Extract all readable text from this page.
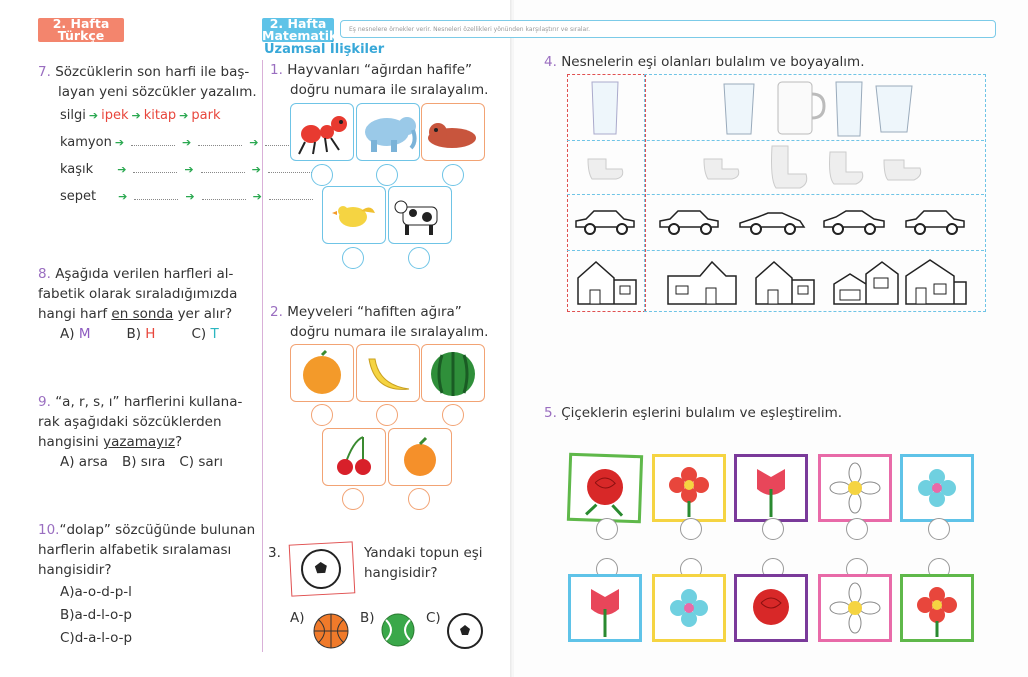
2. Hafta
Türkçe
2. Hafta
Matematik
Uzamsal İlişkiler
7. Sözcüklerin son harfi ile baş-
layan yeni sözcükler yazalım.
silgi ➔ ipek ➔ kitap ➔ park
kamyon ➔	➔	➔
kaşık ➔	➔	➔
sepet ➔	➔	➔
8. Aşağıda verilen harfleri al-
fabetik olarak sıraladığımızda
hangi harf en sonda yer alır?
A) M	B) H	C) T
9. “a, r, s, ı” harflerini kullana-
rak aşağıdaki sözcüklerden
hangisini yazamayız?
A) arsa B) sıra C) sarı
10.“dolap” sözcüğünde bulunan
harflerin alfabetik sıralaması
hangisidir?
A)a-o-d-p-l
B)a-d-l-o-p
C)d-a-l-o-p
1. Hayvanları “ağırdan hafife”
doğru numara ile sıralayalım.
2. Meyveleri “hafiften ağıra”
doğru numara ile sıralayalım.
3.	Yandaki topun eşi
hangisidir?
A)	B)	C)
Eş nesnelere örnekler verir. Nesneleri özellikleri yönünden karşılaştırır ve sıralar.
4. Nesnelerin eşi olanları bulalım ve boyayalım.
5. Çiçeklerin eşlerini bulalım ve eşleştirelim.
